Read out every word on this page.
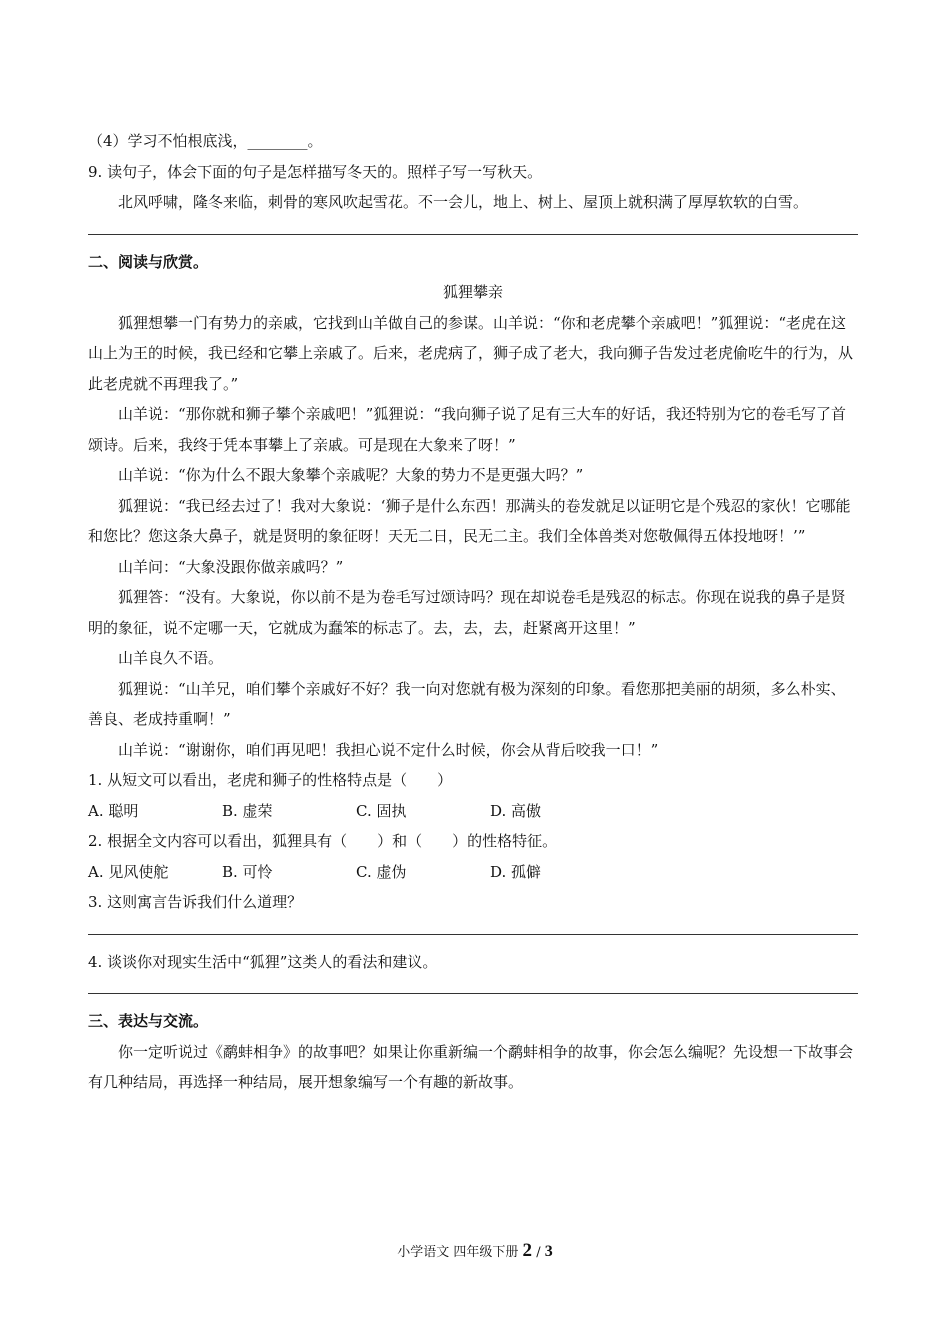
（4）学习不怕根底浅，________。

9. 读句子，体会下面的句子是怎样描写冬天的。照样子写一写秋天。

北风呼啸，隆冬来临，刺骨的寒风吹起雪花。不一会儿，地上、树上、屋顶上就积满了厚厚软软的白雪。

二、阅读与欣赏。

狐狸攀亲

狐狸想攀一门有势力的亲戚，它找到山羊做自己的参谋。山羊说：“你和老虎攀个亲戚吧！”狐狸说：“老虎在这山上为王的时候，我已经和它攀上亲戚了。后来，老虎病了，狮子成了老大，我向狮子告发过老虎偷吃牛的行为，从此老虎就不再理我了。”

山羊说：“那你就和狮子攀个亲戚吧！”狐狸说：“我向狮子说了足有三大车的好话，我还特别为它的卷毛写了首颂诗。后来，我终于凭本事攀上了亲戚。可是现在大象来了呀！”

山羊说：“你为什么不跟大象攀个亲戚呢？大象的势力不是更强大吗？”

狐狸说：“我已经去过了！我对大象说：‘狮子是什么东西！那满头的卷发就足以证明它是个残忍的家伙！它哪能和您比？您这条大鼻子，就是贤明的象征呀！天无二日，民无二主。我们全体兽类对您敬佩得五体投地呀！’”

山羊问：“大象没跟你做亲戚吗？”

狐狸答：“没有。大象说，你以前不是为卷毛写过颂诗吗？现在却说卷毛是残忍的标志。你现在说我的鼻子是贤明的象征，说不定哪一天，它就成为蠢笨的标志了。去，去，去，赶紧离开这里！”

山羊良久不语。

狐狸说：“山羊兄，咱们攀个亲戚好不好？我一向对您就有极为深刻的印象。看您那把美丽的胡须，多么朴实、善良、老成持重啊！”

山羊说：“谢谢你，咱们再见吧！我担心说不定什么时候，你会从背后咬我一口！”

1. 从短文可以看出，老虎和狮子的性格特点是（　　）

A. 聪明	B. 虚荣	C. 固执	D. 高傲

2. 根据全文内容可以看出，狐狸具有（　　）和（　　）的性格特征。

A. 见风使舵	B. 可怜	C. 虚伪	D. 孤僻

3. 这则寓言告诉我们什么道理？

4. 谈谈你对现实生活中“狐狸”这类人的看法和建议。

三、表达与交流。

你一定听说过《鹬蚌相争》的故事吧？如果让你重新编一个鹬蚌相争的故事，你会怎么编呢？先设想一下故事会有几种结局，再选择一种结局，展开想象编写一个有趣的新故事。

小学语文 四年级下册 2 / 3
